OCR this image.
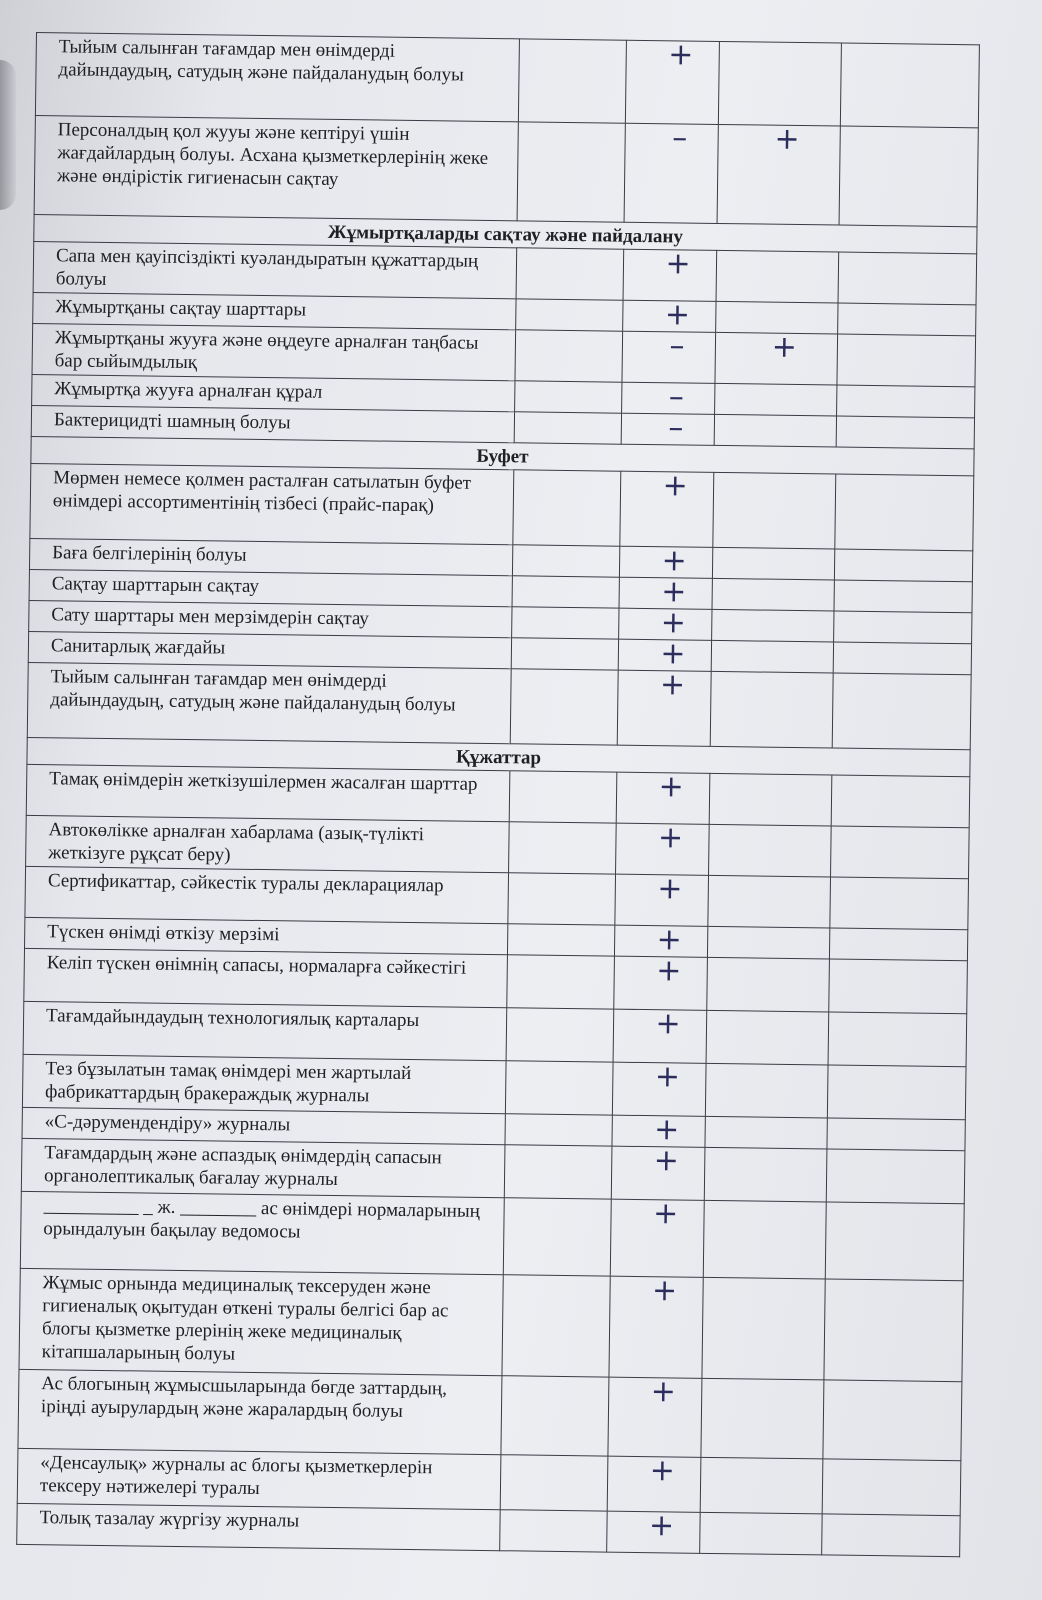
Тыйым салынған тағамдар мен өнімдерді дайындаудың, сатудың және пайдаланудың болуы		+		
Персоналдың қол жууы және кептіруі үшін жағдайлардың болуы. Асхана қызметкерлерінің жеке және өндірістік гигиенасын сақтау		–	+	
Жұмыртқаларды сақтау және пайдалану				
Сапа мен қауіпсіздікті куәландыратын құжаттардың болуы		+		
Жұмыртқаны сақтау шарттары		+		
Жұмыртқаны жууға және өңдеуге арналған таңбасы бар сыйымдылық		–	+	
Жұмыртқа жууға арналған құрал		–		
Бактерицидті шамның болуы		–		
Буфет				
Мөрмен немесе қолмен расталған сатылатын буфет өнімдері ассортиментінің тізбесі (прайс-парақ)		+		
Баға белгілерінің болуы		+		
Сақтау шарттарын сақтау		+		
Сату шарттары мен мерзімдерін сақтау		+		
Санитарлық жағдайы		+		
Тыйым салынған тағамдар мен өнімдерді дайындаудың, сатудың және пайдаланудың болуы		+		
Құжаттар				
Тамақ өнімдерін жеткізушілермен жасалған шарттар		+		
Автокөлікке арналған хабарлама (азық-түлікті жеткізуге рұқсат беру)		+		
Сертификаттар, сәйкестік туралы декларациялар		+		
Түскен өнімді өткізу мерзімі		+		
Келіп түскен өнімнің сапасы, нормаларға сәйкестігі		+		
Тағамдайындаудың технологиялық карталары		+		
Тез бұзылатын тамақ өнімдері мен жартылай фабрикаттардың бракераждық журналы		+		
«С-дәрумендендіру» журналы		+		
Тағамдардың және аспаздық өнімдердің сапасын органолептикалық бағалау журналы		+		
__________ _ ж. ________ ас өнімдері нормаларының орындалуын бақылау ведомосы		+		
Жұмыс орнында медициналық тексеруден және гигиеналық оқытудан өткені туралы белгісі бар ас блогы қызметке рлерінің жеке медициналық кітапшаларының болуы		+		
Ас блогының жұмысшыларында бөгде заттардың, іріңді ауырулардың және жаралардың болуы		+		
«Денсаулық» журналы ас блогы қызметкерлерін тексеру нәтижелері туралы		+		
Толық тазалау жүргізу журналы		+		
